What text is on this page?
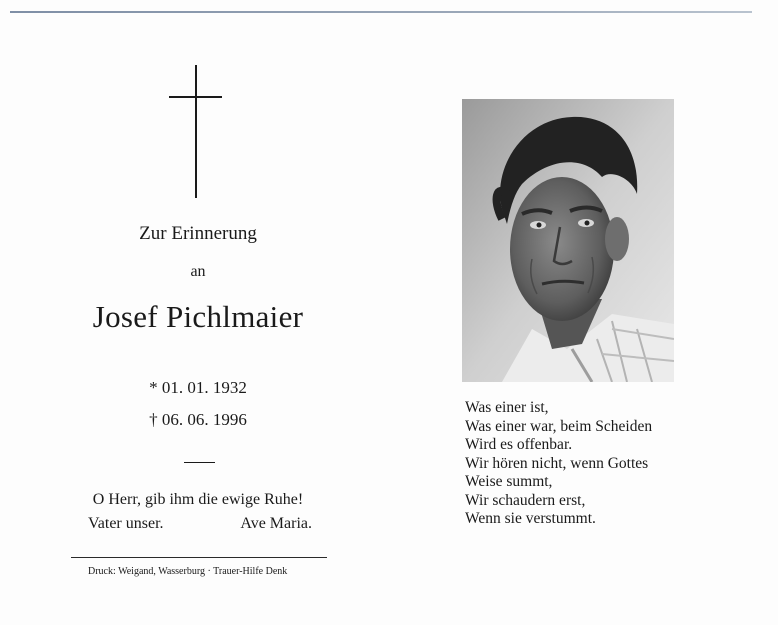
Zur Erinnerung
an
Josef Pichlmaier
* 01. 01. 1932
† 06. 06. 1996
O Herr, gib ihm die ewige Ruhe!
Vater unser.	Ave Maria.
Druck: Weigand, Wasserburg · Trauer-Hilfe Denk
Was einer ist,
Was einer war, beim Scheiden
Wird es offenbar.
Wir hören nicht, wenn Gottes
Weise summt,
Wir schaudern erst,
Wenn sie verstummt.
